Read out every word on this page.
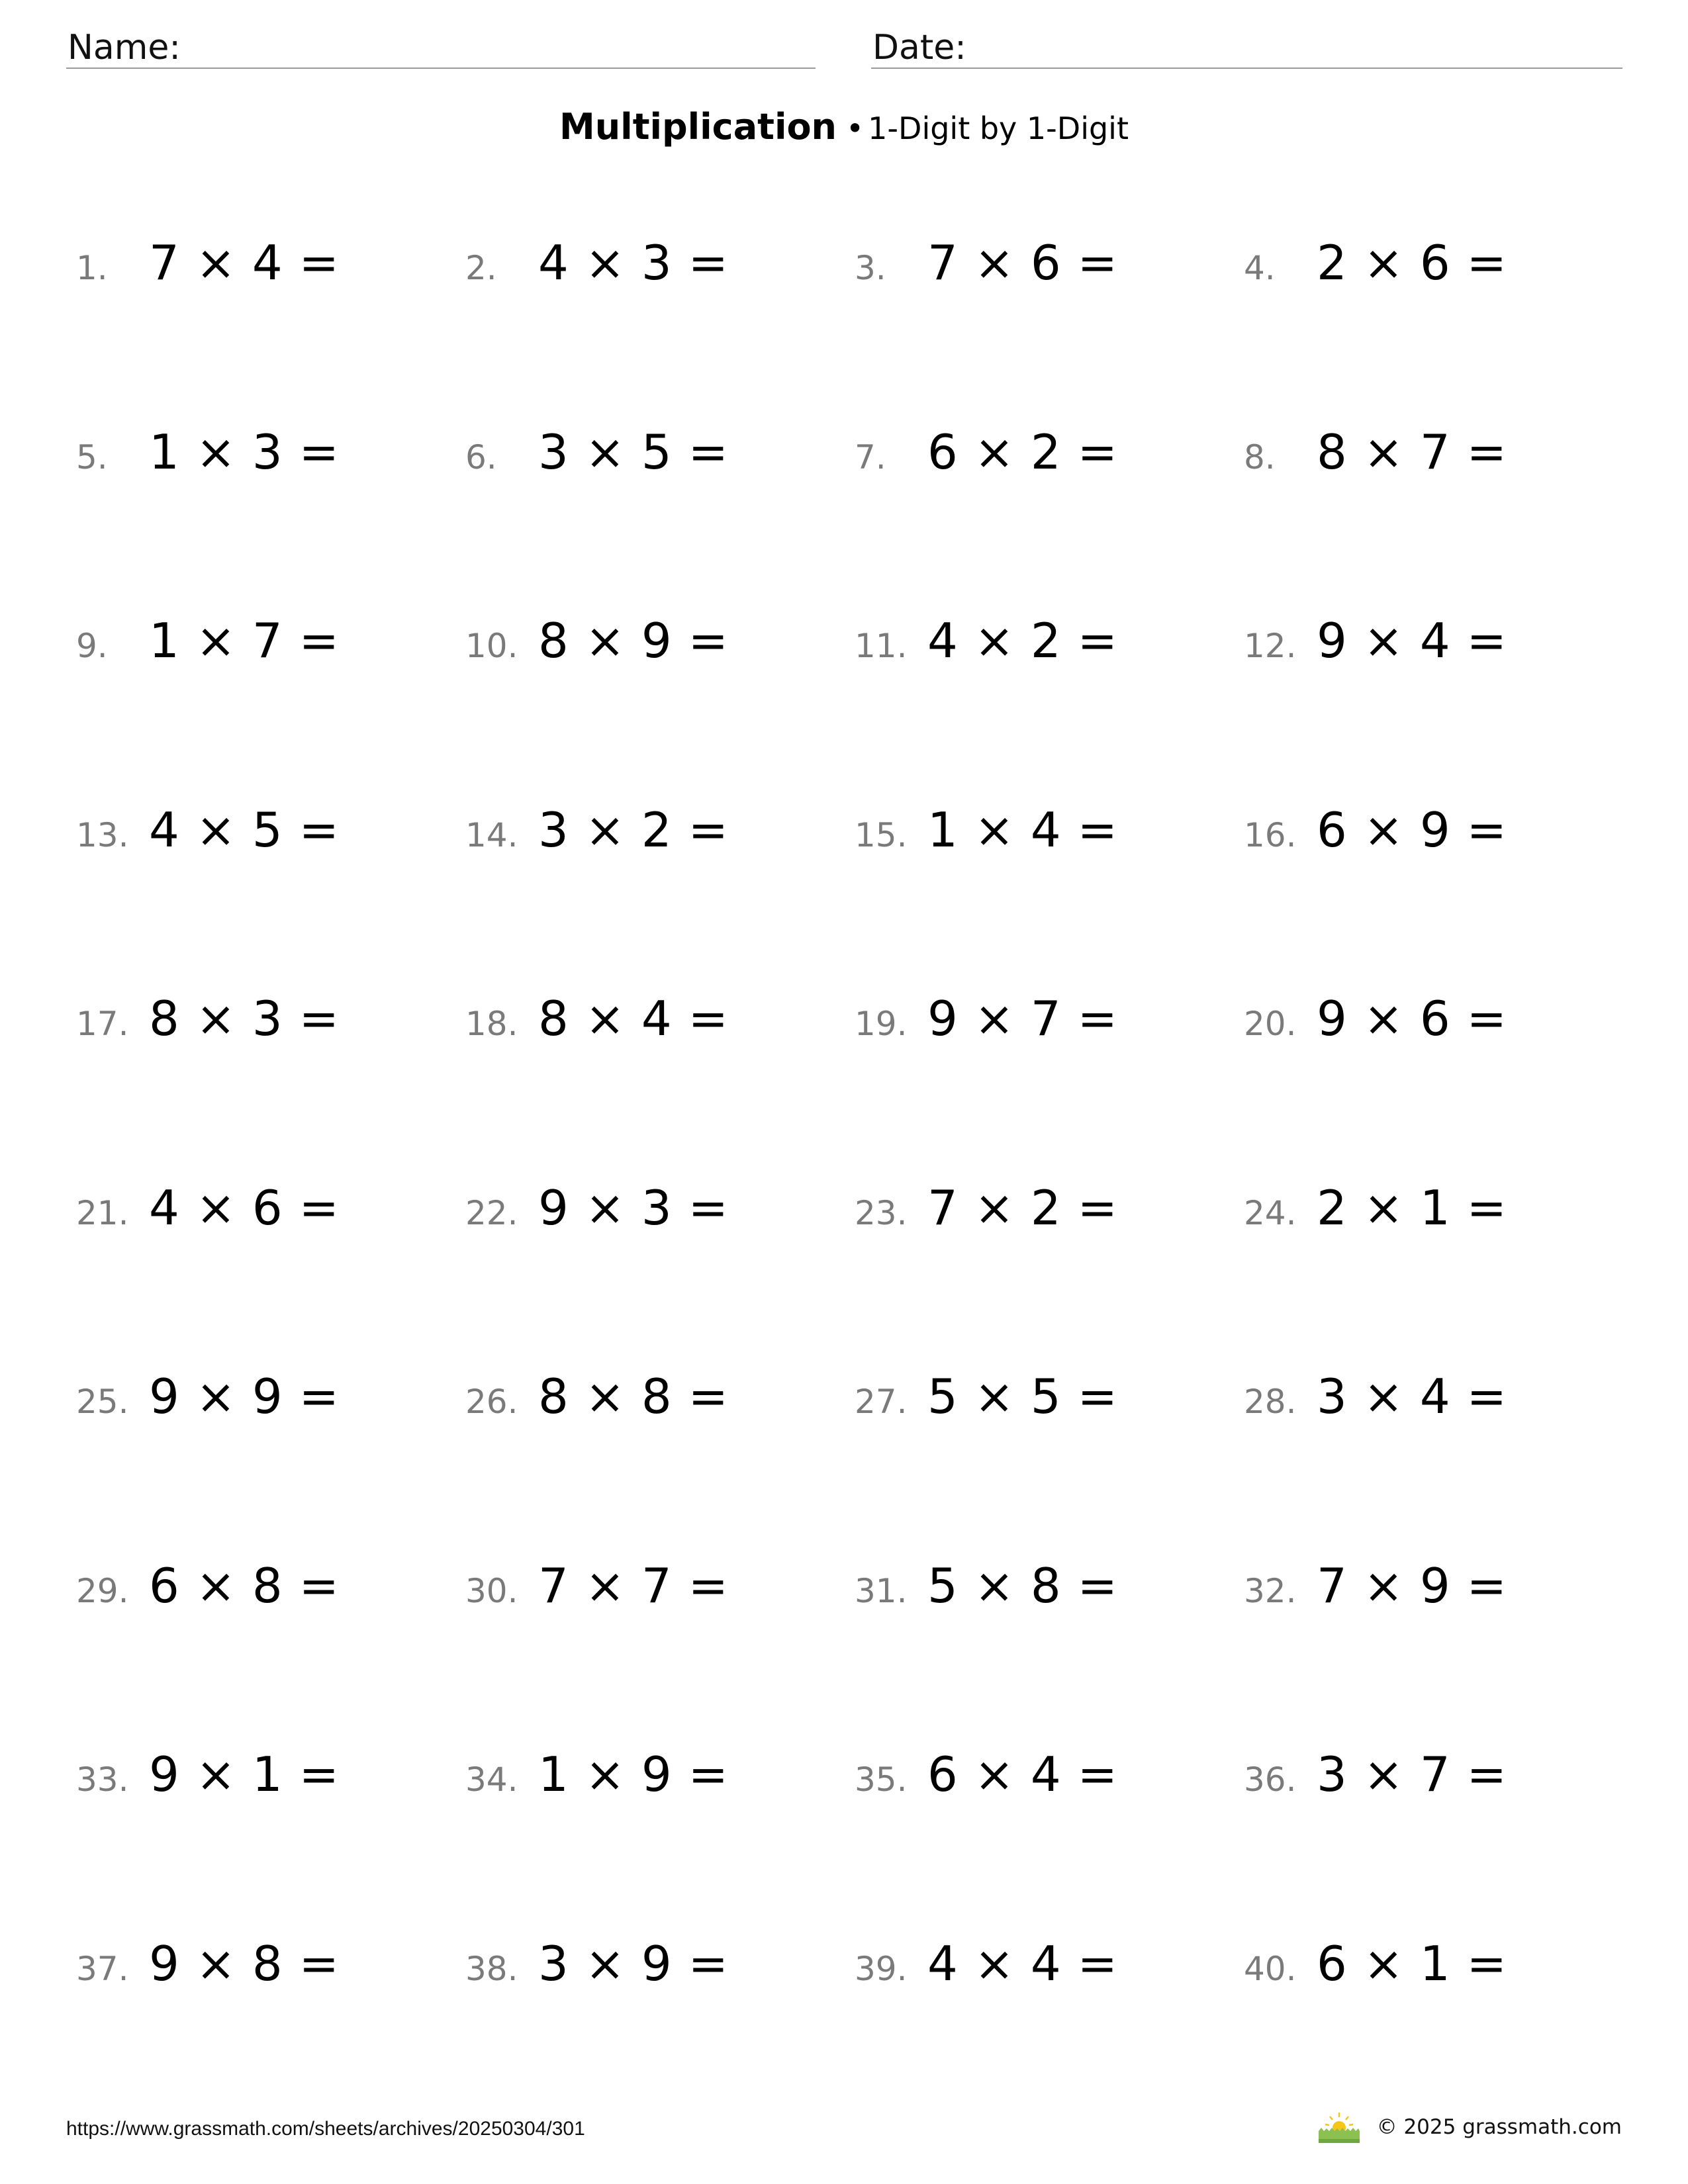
Name:	Date:
Multiplication • 1-Digit by 1-Digit
1. 7 × 4 =	2. 4 × 3 =	3. 7 × 6 =	4. 2 × 6 =
5. 1 × 3 =	6. 3 × 5 =	7. 6 × 2 =	8. 8 × 7 =
9. 1 × 7 =	10. 8 × 9 =	11. 4 × 2 =	12. 9 × 4 =
13. 4 × 5 =	14. 3 × 2 =	15. 1 × 4 =	16. 6 × 9 =
17. 8 × 3 =	18. 8 × 4 =	19. 9 × 7 =	20. 9 × 6 =
21. 4 × 6 =	22. 9 × 3 =	23. 7 × 2 =	24. 2 × 1 =
25. 9 × 9 =	26. 8 × 8 =	27. 5 × 5 =	28. 3 × 4 =
29. 6 × 8 =	30. 7 × 7 =	31. 5 × 8 =	32. 7 × 9 =
33. 9 × 1 =	34. 1 × 9 =	35. 6 × 4 =	36. 3 × 7 =
37. 9 × 8 =	38. 3 × 9 =	39. 4 × 4 =	40. 6 × 1 =
https://www.grassmath.com/sheets/archives/20250304/301	© 2025 grassmath.com
